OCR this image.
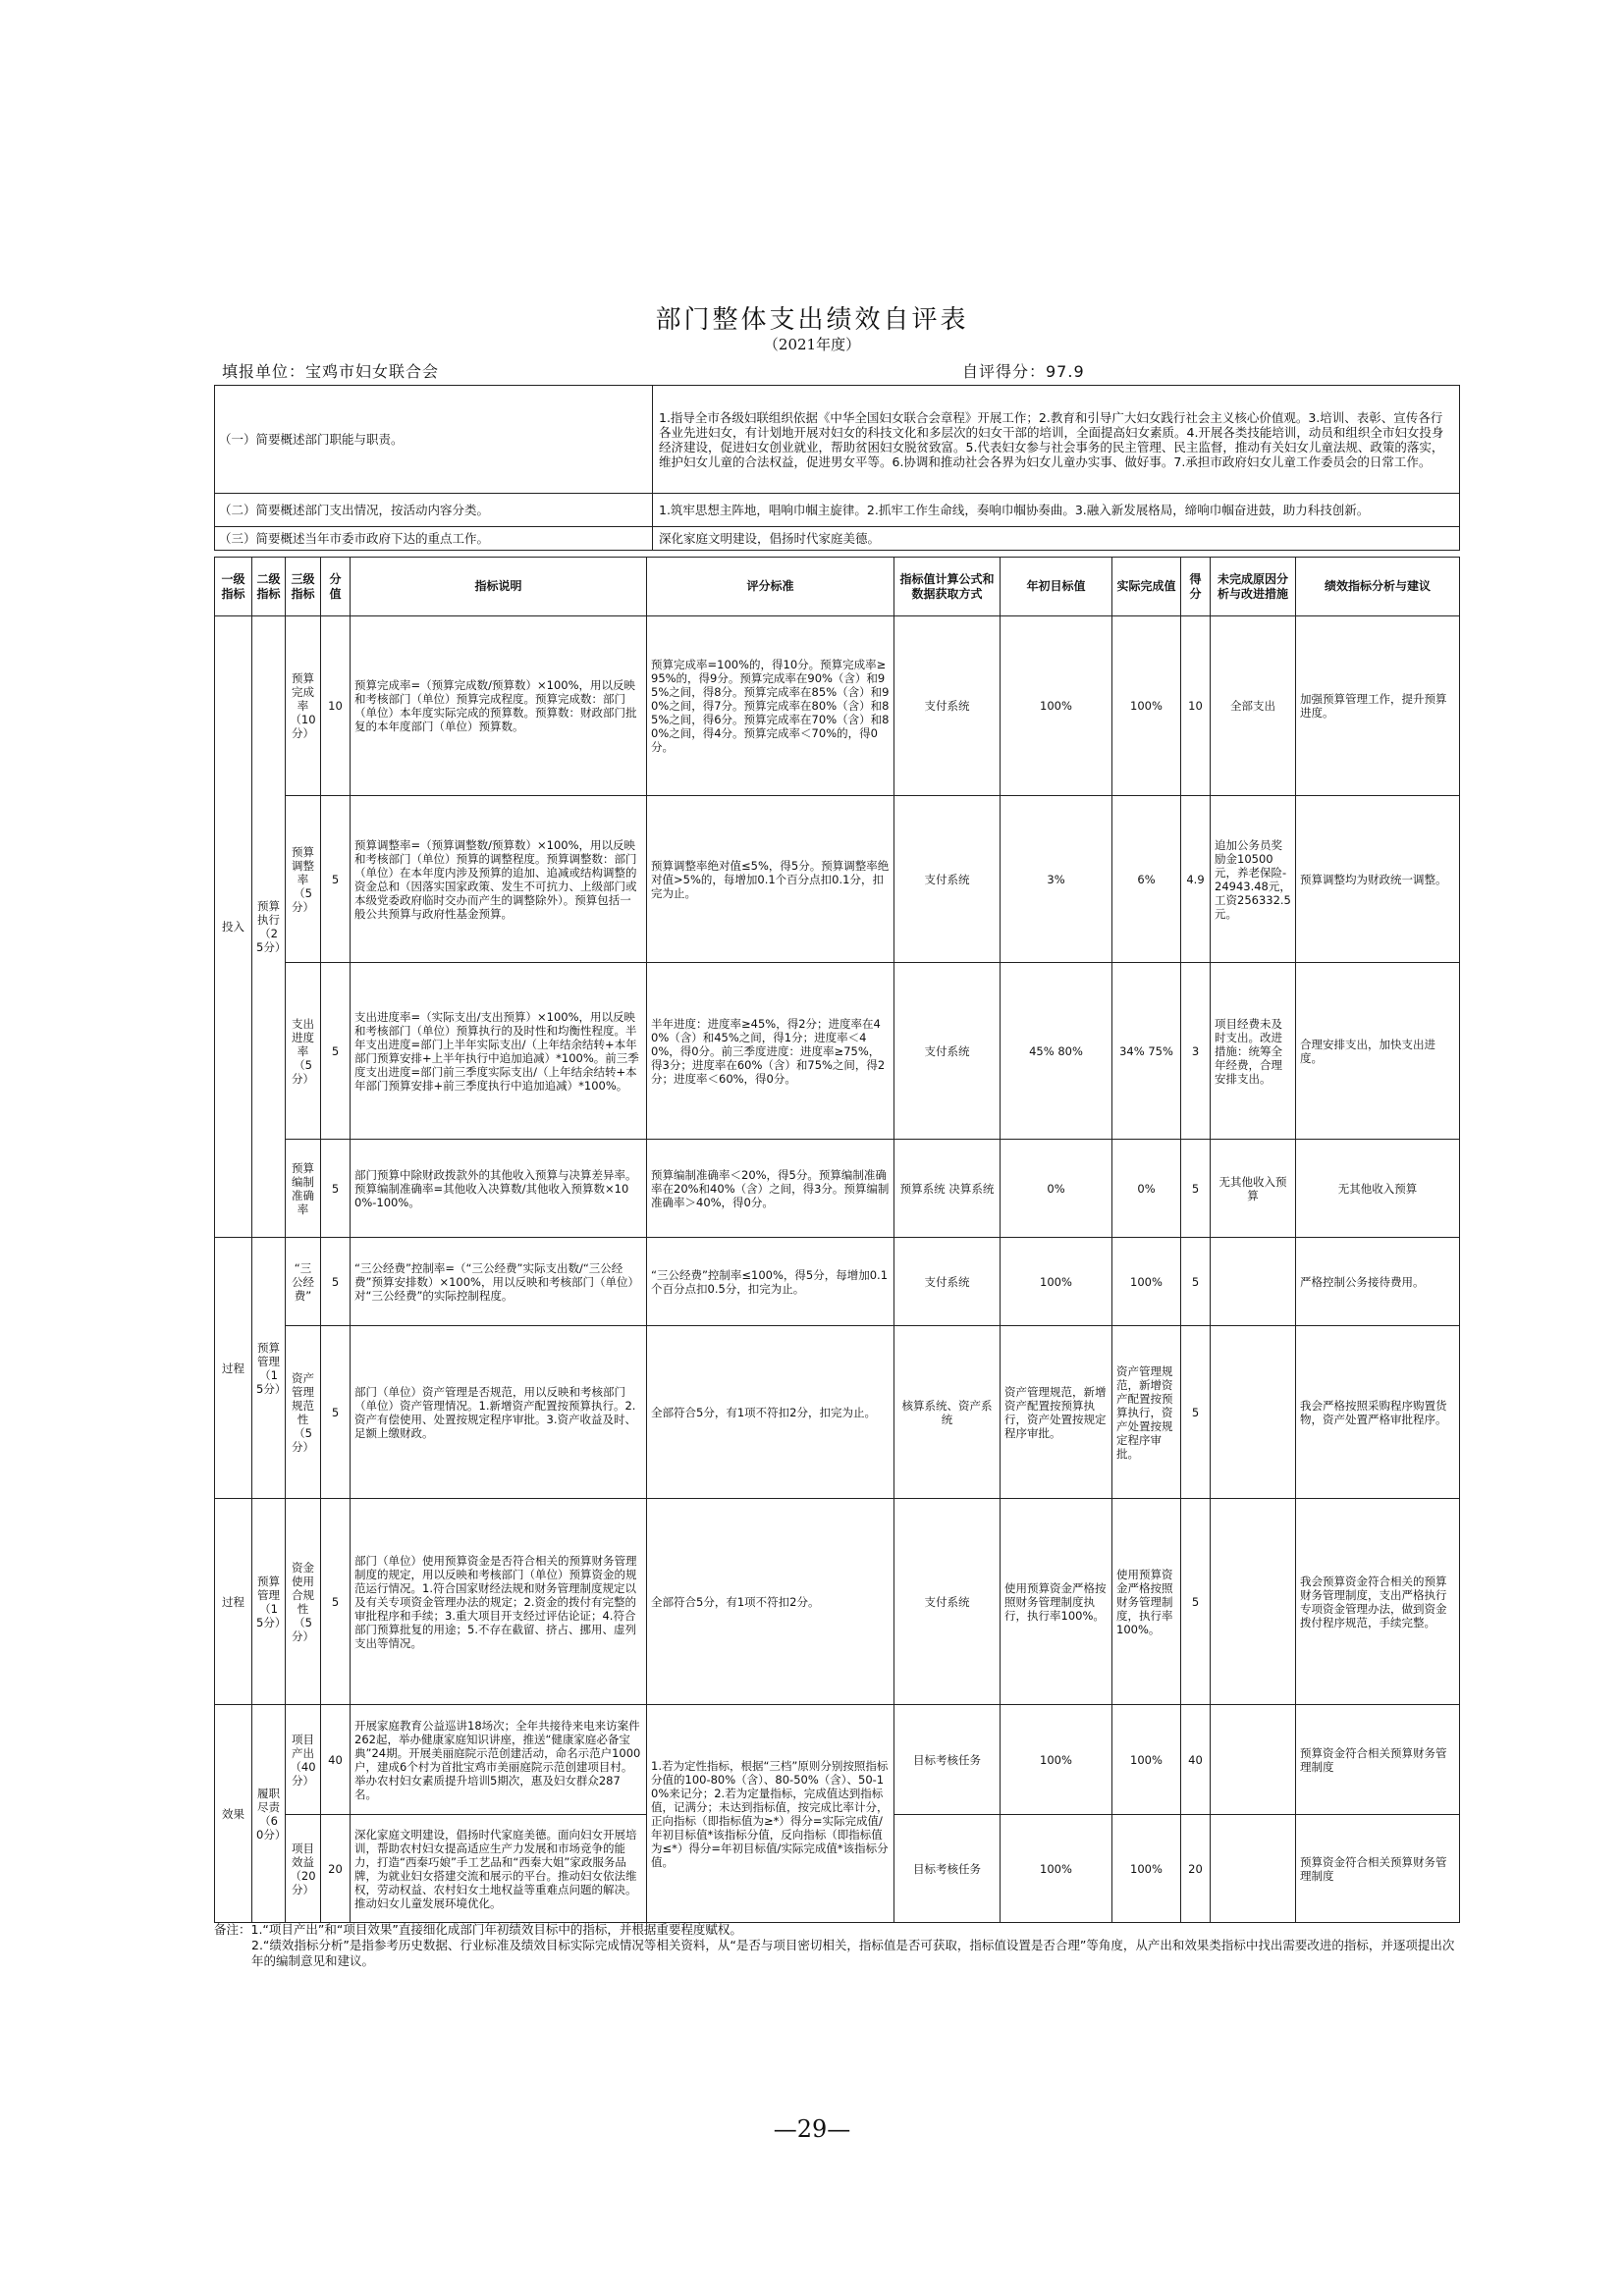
部门整体支出绩效自评表
（2021年度）
填报单位：宝鸡市妇女联合会	自评得分：97.9
（一）简要概述部门职能与职责。	1.指导全市各级妇联组织依据《中华全国妇女联合会章程》开展工作；2.教育和引导广大妇女践行社会主义核心价值观。3.培训、表彰、宣传各行各业先进妇女，有计划地开展对妇女的科技文化和多层次的妇女干部的培训，全面提高妇女素质。4.开展各类技能培训，动员和组织全市妇女投身经济建设，促进妇女创业就业，帮助贫困妇女脱贫致富。5.代表妇女参与社会事务的民主管理、民主监督，推动有关妇女儿童法规、政策的落实，维护妇女儿童的合法权益，促进男女平等。6.协调和推动社会各界为妇女儿童办实事、做好事。7.承担市政府妇女儿童工作委员会的日常工作。
（二）简要概述部门支出情况，按活动内容分类。	1.筑牢思想主阵地，唱响巾帼主旋律。2.抓牢工作生命线，奏响巾帼协奏曲。3.融入新发展格局，缔响巾帼奋进鼓，助力科技创新。
（三）简要概述当年市委市政府下达的重点工作。	深化家庭文明建设，倡扬时代家庭美德。
一级指标	二级指标	三级指标	分值	指标说明	评分标准	指标值计算公式和数据获取方式	年初目标值	实际完成值	得分	未完成原因分析与改进措施	绩效指标分析与建议
投入	预算执行（25分）	预算完成率（10分）	10	预算完成率=（预算完成数/预算数）×100%，用以反映和考核部门（单位）预算完成程度。预算完成数：部门（单位）本年度实际完成的预算数。预算数：财政部门批复的本年度部门（单位）预算数。	预算完成率=100%的，得10分。预算完成率≥95%的，得9分。预算完成率在90%（含）和95%之间，得8分。预算完成率在85%（含）和90%之间，得7分。预算完成率在80%（含）和85%之间，得6分。预算完成率在70%（含）和80%之间，得4分。预算完成率＜70%的，得0分。	支付系统	100%	100%	10	全部支出	加强预算管理工作，提升预算进度。
		预算调整率（5分）	5	预算调整率=（预算调整数/预算数）×100%，用以反映和考核部门（单位）预算的调整程度。预算调整数：部门（单位）在本年度内涉及预算的追加、追减或结构调整的资金总和（因落实国家政策、发生不可抗力、上级部门或本级党委政府临时交办而产生的调整除外）。预算包括一般公共预算与政府性基金预算。	预算调整率绝对值≤5%，得5分。预算调整率绝对值>5%的，每增加0.1个百分点扣0.1分，扣完为止。	支付系统	3%	6%	4.9	追加公务员奖励金10500元，养老保险-24943.48元，工资256332.5元。	预算调整均为财政统一调整。
		支出进度率（5分）	5	支出进度率=（实际支出/支出预算）×100%，用以反映和考核部门（单位）预算执行的及时性和均衡性程度。半年支出进度=部门上半年实际支出/（上年结余结转+本年部门预算安排+上半年执行中追加追减）*100%。前三季度支出进度=部门前三季度实际支出/（上年结余结转+本年部门预算安排+前三季度执行中追加追减）*100%。	半年进度：进度率≥45%，得2分；进度率在40%（含）和45%之间，得1分；进度率＜40%，得0分。前三季度进度：进度率≥75%，得3分；进度率在60%（含）和75%之间，得2分；进度率＜60%，得0分。	支付系统	45% 80%	34% 75%	3	项目经费未及时支出。改进措施：统筹全年经费，合理安排支出。	合理安排支出，加快支出进度。
		预算编制准确率	5	部门预算中除财政拨款外的其他收入预算与决算差异率。预算编制准确率=其他收入决算数/其他收入预算数×100%-100%。	预算编制准确率＜20%，得5分。预算编制准确率在20%和40%（含）之间，得3分。预算编制准确率＞40%，得0分。	预算系统 决算系统	0%	0%	5	无其他收入预算	无其他收入预算
过程	预算管理（15分）	“三公经费”	5	“三公经费”控制率=（“三公经费”实际支出数/“三公经费”预算安排数）×100%，用以反映和考核部门（单位）对“三公经费”的实际控制程度。	“三公经费”控制率≤100%，得5分，每增加0.1个百分点扣0.5分，扣完为止。	支付系统	100%	100%	5		严格控制公务接待费用。
		资产管理规范性（5分）	5	部门（单位）资产管理是否规范，用以反映和考核部门（单位）资产管理情况。1.新增资产配置按预算执行。2.资产有偿使用、处置按规定程序审批。3.资产收益及时、足额上缴财政。	全部符合5分，有1项不符扣2分，扣完为止。	核算系统、资产系统	资产管理规范，新增资产配置按预算执行，资产处置按规定程序审批。	资产管理规范，新增资产配置按预算执行，资产处置按规定程序审批。	5		我会严格按照采购程序购置货物，资产处置严格审批程序。
过程	预算管理（15分）	资金使用合规性（5分）	5	部门（单位）使用预算资金是否符合相关的预算财务管理制度的规定，用以反映和考核部门（单位）预算资金的规范运行情况。1.符合国家财经法规和财务管理制度规定以及有关专项资金管理办法的规定；2.资金的拨付有完整的审批程序和手续；3.重大项目开支经过评估论证；4.符合部门预算批复的用途；5.不存在截留、挤占、挪用、虚列支出等情况。	全部符合5分，有1项不符扣2分。	支付系统	使用预算资金严格按照财务管理制度执行，执行率100%。	使用预算资金严格按照财务管理制度，执行率100%。	5		我会预算资金符合相关的预算财务管理制度，支出严格执行专项资金管理办法，做到资金拨付程序规范，手续完整。
效果	履职尽责（60分）	项目产出（40分）	40	开展家庭教育公益巡讲18场次；全年共接待来电来访案件262起，举办健康家庭知识讲座，推送“健康家庭必备宝典”24期。开展美丽庭院示范创建活动，命名示范户1000户，建成6个村为首批宝鸡市美丽庭院示范创建项目村。举办农村妇女素质提升培训5期次，惠及妇女群众287名。	1.若为定性指标，根据“三档”原则分别按照指标分值的100-80%（含）、80-50%（含）、50-10%来记分；2.若为定量指标，完成值达到指标值，记满分；未达到指标值，按完成比率计分，正向指标（即指标值为≥*）得分=实际完成值/年初目标值*该指标分值，反向指标（即指标值为≤*）得分=年初目标值/实际完成值*该指标分值。	目标考核任务	100%	100%	40		预算资金符合相关预算财务管理制度
		项目效益（20分）	20	深化家庭文明建设，倡扬时代家庭美德。面向妇女开展培训，帮助农村妇女提高适应生产力发展和市场竞争的能力，打造“西秦巧娘”手工艺品和“西秦大姐”家政服务品牌，为就业妇女搭建交流和展示的平台。推动妇女依法维权，劳动权益、农村妇女土地权益等重难点问题的解决。推动妇女儿童发展环境优化。		目标考核任务	100%	100%	20		预算资金符合相关预算财务管理制度
备注：1.“项目产出”和“项目效果”直接细化成部门年初绩效目标中的指标，并根据重要程度赋权。
2.“绩效指标分析”是指参考历史数据、行业标准及绩效目标实际完成情况等相关资料，从“是否与项目密切相关，指标值是否可获取，指标值设置是否合理”等角度，从产出和效果类指标中找出需要改进的指标，并逐项提出次年的编制意见和建议。
—29—
